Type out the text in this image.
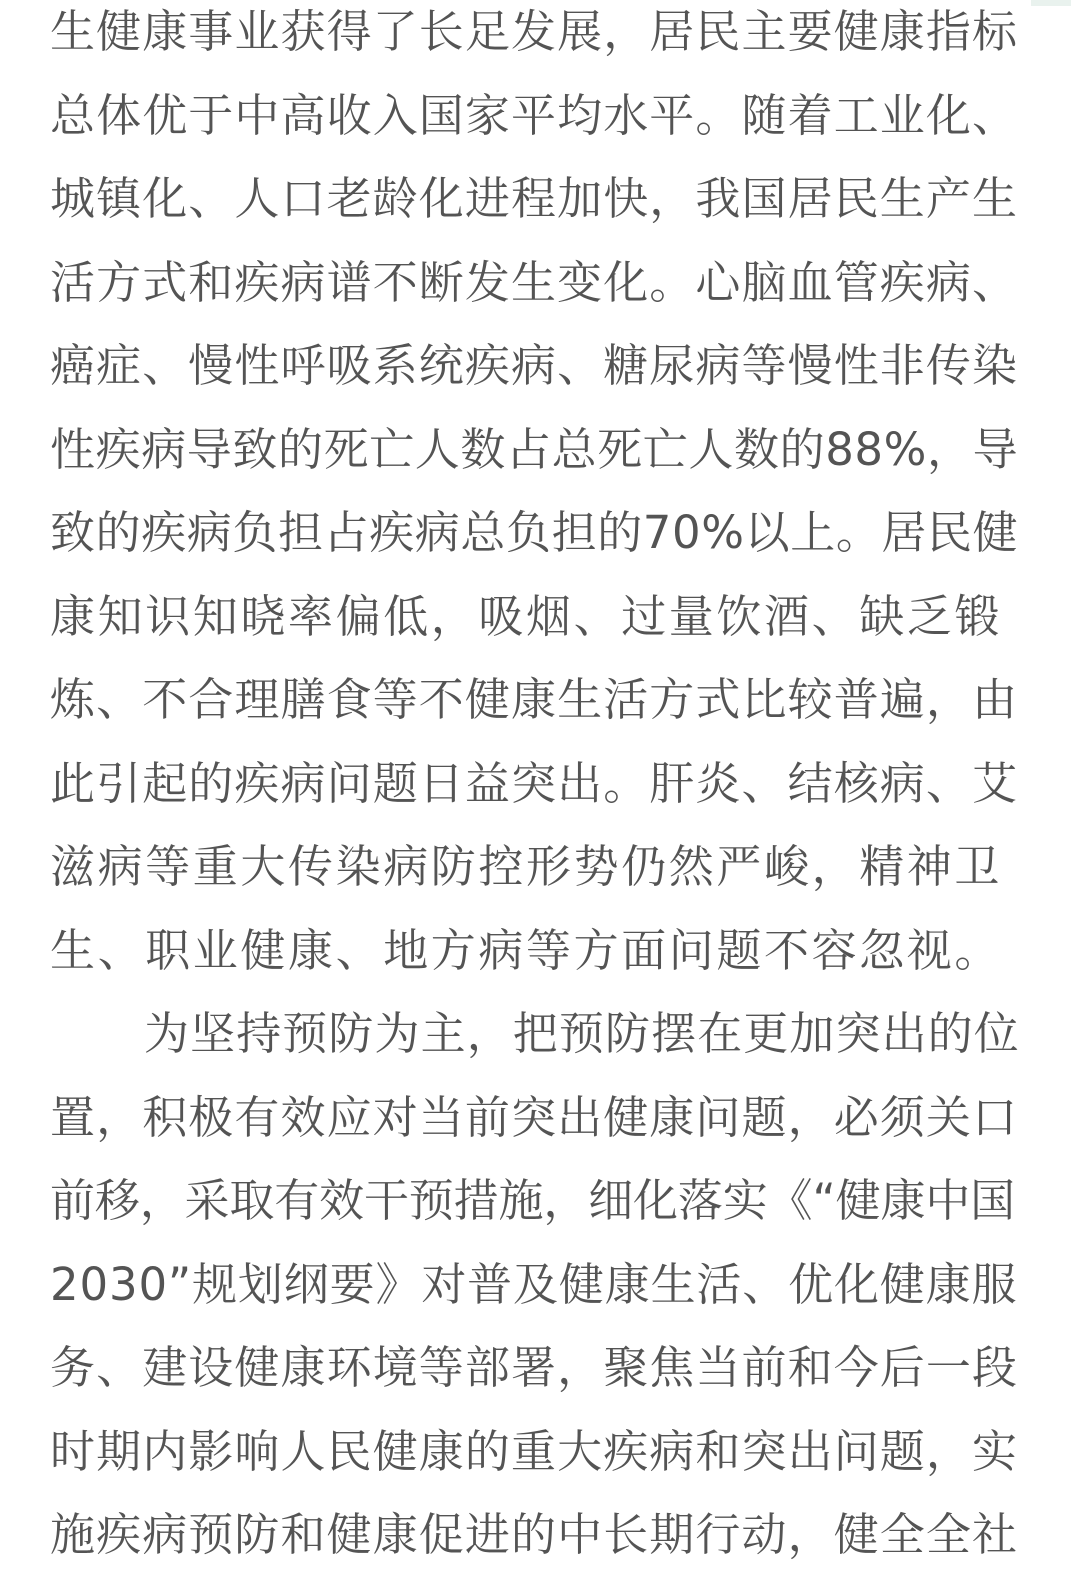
生健康事业获得了长足发展，居民主要健康指标
总体优于中高收入国家平均水平。随着工业化、
城镇化、人口老龄化进程加快，我国居民生产生
活方式和疾病谱不断发生变化。心脑血管疾病、
癌症、慢性呼吸系统疾病、糖尿病等慢性非传染
性疾病导致的死亡人数占总死亡人数的88%，导
致的疾病负担占疾病总负担的70%以上。居民健
康知识知晓率偏低，吸烟、过量饮酒、缺乏锻
炼、不合理膳食等不健康生活方式比较普遍，由
此引起的疾病问题日益突出。肝炎、结核病、艾
滋病等重大传染病防控形势仍然严峻，精神卫
生、职业健康、地方病等方面问题不容忽视。
为坚持预防为主，把预防摆在更加突出的位
置，积极有效应对当前突出健康问题，必须关口
前移，采取有效干预措施，细化落实《“健康中国
2030”规划纲要》对普及健康生活、优化健康服
务、建设健康环境等部署，聚焦当前和今后一段
时期内影响人民健康的重大疾病和突出问题，实
施疾病预防和健康促进的中长期行动，健全全社
